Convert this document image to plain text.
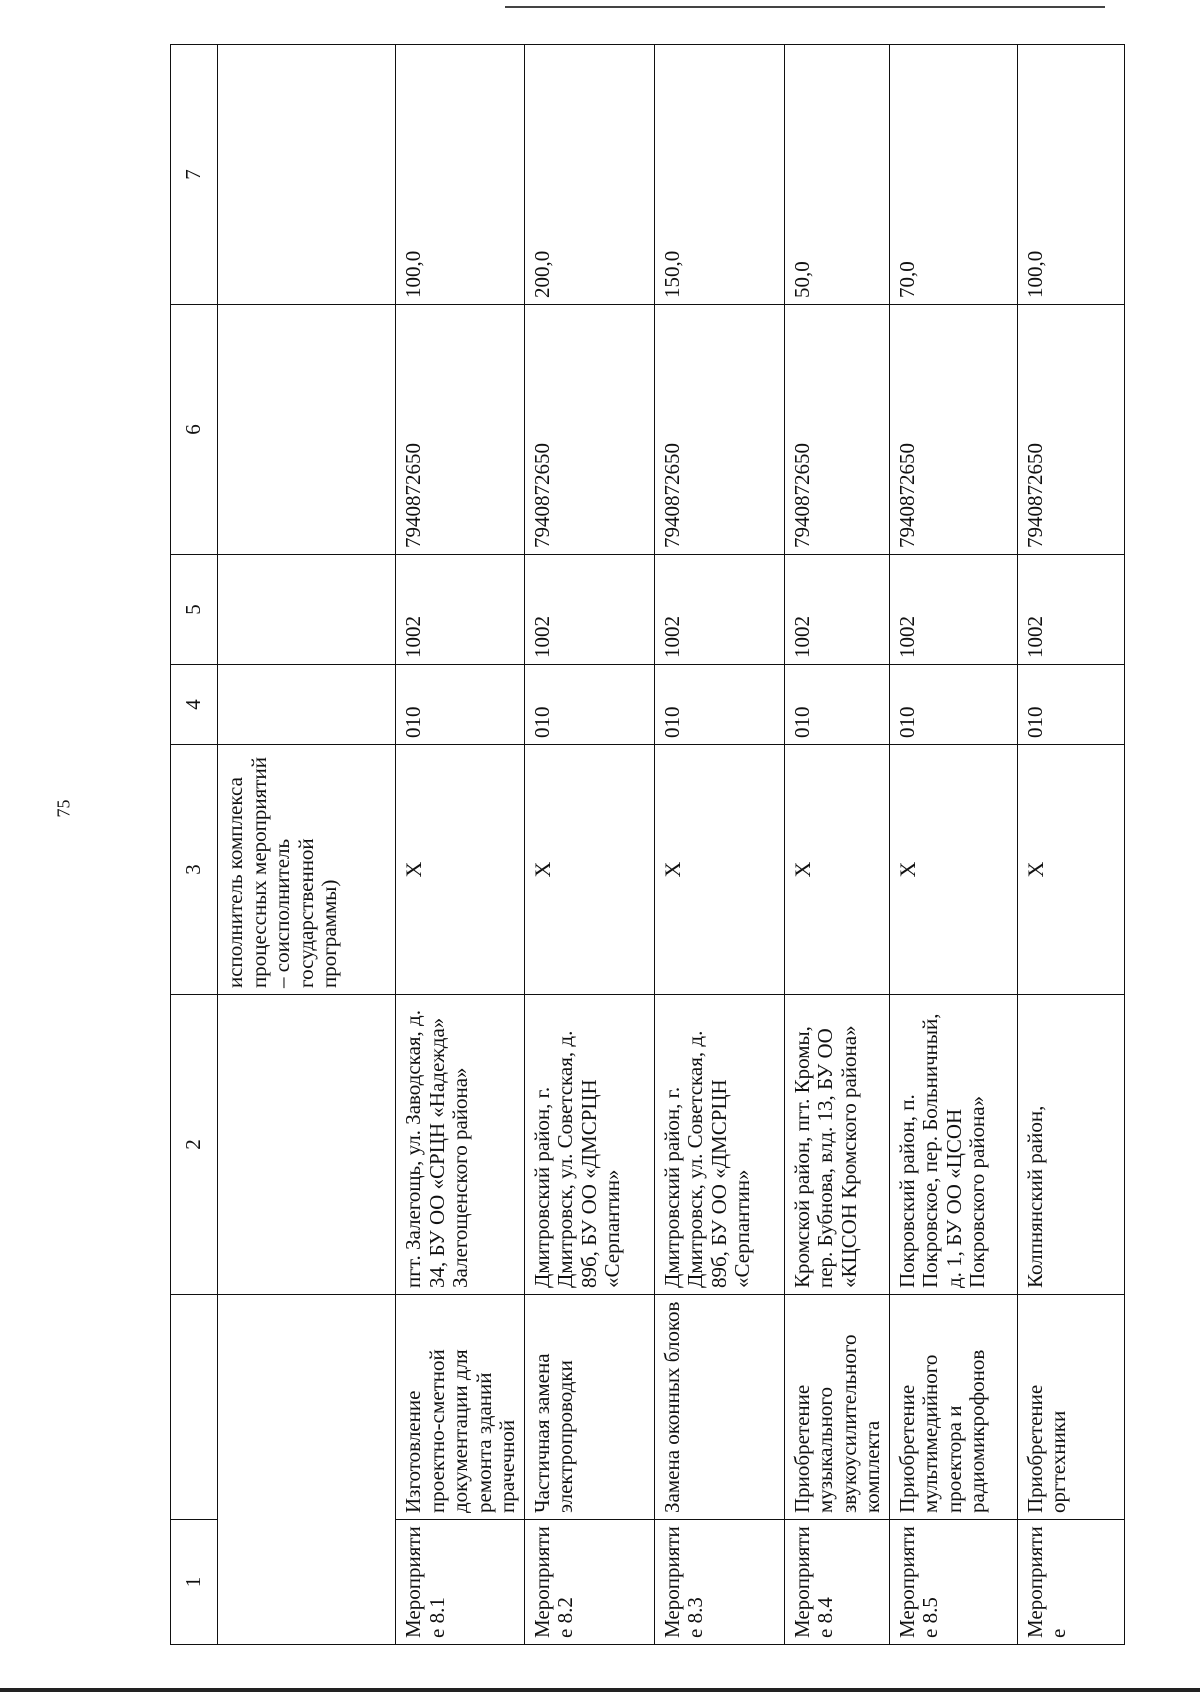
75
1		2	3	4	5	6	7
			исполнитель комплекса процессных мероприятий – соисполнитель государственной программы)				
Мероприятие 8.1	Изготовление проектно-сметной документации для ремонта зданий прачечной	пгт. Залегощь, ул. Заводская, д. 34, БУ ОО «СРЦН «Надежда» Залегощенского района»	Х	010	1002	7940872650	100,0
Мероприятие 8.2	Частичная замена электропроводки	Дмитровский район, г. Дмитровск, ул. Советская, д. 89б, БУ ОО «ДМСРЦН «Серпантин»	Х	010	1002	7940872650	200,0
Мероприятие 8.3	Замена оконных блоков	Дмитровский район, г. Дмитровск, ул. Советская, д. 89б, БУ ОО «ДМСРЦН «Серпантин»	Х	010	1002	7940872650	150,0
Мероприятие 8.4	Приобретение музыкального звукоусилительного комплекта	Кромской район, пгт. Кромы, пер. Бубнова, влд. 13, БУ ОО «КЦСОН Кромского района»	Х	010	1002	7940872650	50,0
Мероприятие 8.5	Приобретение мультимедийного проектора и радиомикрофонов	Покровский район, п. Покровское, пер. Больничный, д. 1, БУ ОО «ЦСОН Покровского района»	Х	010	1002	7940872650	70,0
Мероприятие	Приобретение оргтехники	Колпнянский район,	Х	010	1002	7940872650	100,0
